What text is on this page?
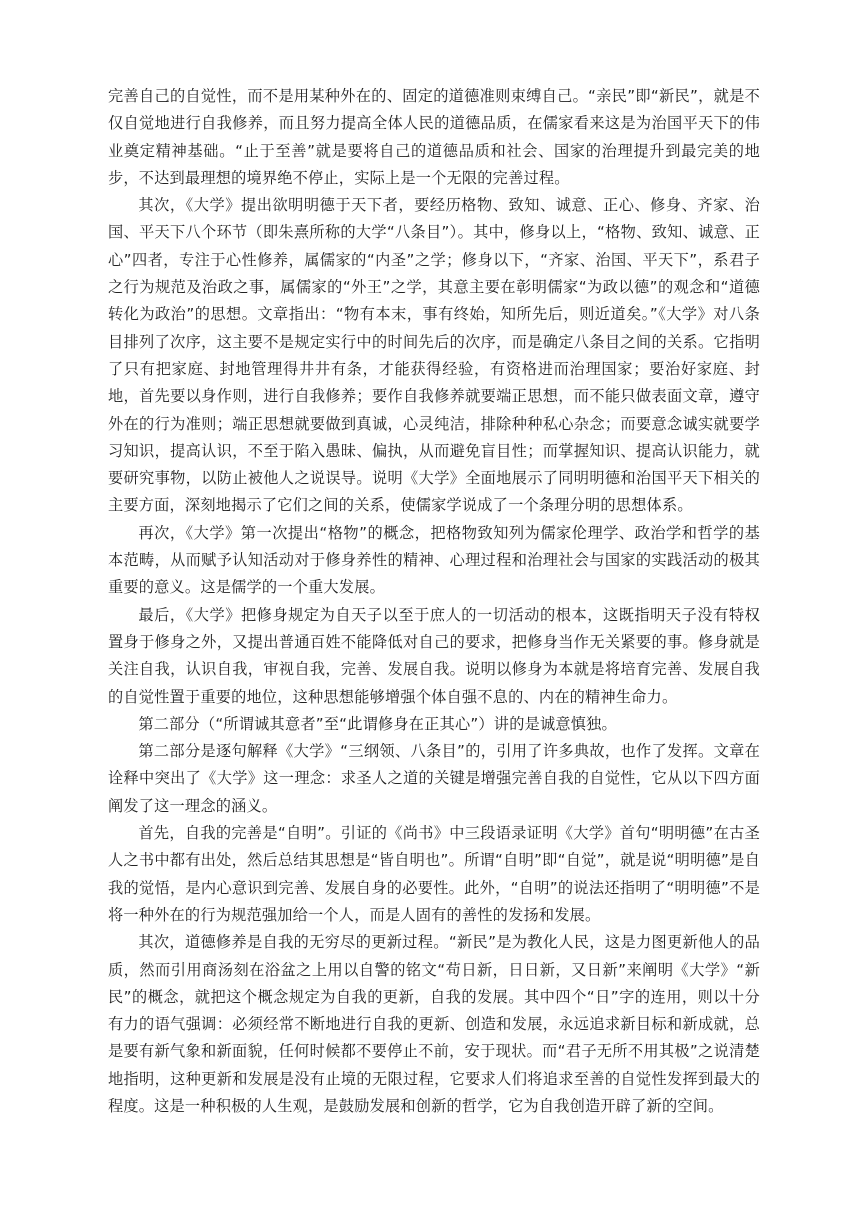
完善自己的自觉性，而不是用某种外在的、固定的道德准则束缚自己。“亲民”即“新民”，就是不仅自觉地进行自我修养，而且努力提高全体人民的道德品质，在儒家看来这是为治国平天下的伟业奠定精神基础。“止于至善”就是要将自己的道德品质和社会、国家的治理提升到最完美的地步，不达到最理想的境界绝不停止，实际上是一个无限的完善过程。

其次，《大学》提出欲明明德于天下者，要经历格物、致知、诚意、正心、修身、齐家、治国、平天下八个环节（即朱熹所称的大学“八条目”）。其中，修身以上，“格物、致知、诚意、正心”四者，专注于心性修养，属儒家的“内圣”之学；修身以下，“齐家、治国、平天下”，系君子之行为规范及治政之事，属儒家的“外王”之学，其意主要在彰明儒家“为政以德”的观念和“道德转化为政治”的思想。文章指出：“物有本末，事有终始，知所先后，则近道矣。”《大学》对八条目排列了次序，这主要不是规定实行中的时间先后的次序，而是确定八条目之间的关系。它指明了只有把家庭、封地管理得井井有条，才能获得经验，有资格进而治理国家；要治好家庭、封地，首先要以身作则，进行自我修养；要作自我修养就要端正思想，而不能只做表面文章，遵守外在的行为准则；端正思想就要做到真诚，心灵纯洁，排除种种私心杂念；而要意念诚实就要学习知识，提高认识，不至于陷入愚昧、偏执，从而避免盲目性；而掌握知识、提高认识能力，就要研究事物，以防止被他人之说误导。说明《大学》全面地展示了同明明德和治国平天下相关的主要方面，深刻地揭示了它们之间的关系，使儒家学说成了一个条理分明的思想体系。

再次，《大学》第一次提出“格物”的概念，把格物致知列为儒家伦理学、政治学和哲学的基本范畴，从而赋予认知活动对于修身养性的精神、心理过程和治理社会与国家的实践活动的极其重要的意义。这是儒学的一个重大发展。

最后，《大学》把修身规定为自天子以至于庶人的一切活动的根本，这既指明天子没有特权置身于修身之外，又提出普通百姓不能降低对自己的要求，把修身当作无关紧要的事。修身就是关注自我，认识自我，审视自我，完善、发展自我。说明以修身为本就是将培育完善、发展自我的自觉性置于重要的地位，这种思想能够增强个体自强不息的、内在的精神生命力。

第二部分（“所谓诚其意者”至“此谓修身在正其心”）讲的是诚意慎独。

第二部分是逐句解释《大学》“三纲领、八条目”的，引用了许多典故，也作了发挥。文章在诠释中突出了《大学》这一理念：求圣人之道的关键是增强完善自我的自觉性，它从以下四方面阐发了这一理念的涵义。

首先，自我的完善是“自明”。引证的《尚书》中三段语录证明《大学》首句“明明德”在古圣人之书中都有出处，然后总结其思想是“皆自明也”。所谓“自明”即“自觉”，就是说“明明德”是自我的觉悟，是内心意识到完善、发展自身的必要性。此外，“自明”的说法还指明了“明明德”不是将一种外在的行为规范强加给一个人，而是人固有的善性的发扬和发展。

其次，道德修养是自我的无穷尽的更新过程。“新民”是为教化人民，这是力图更新他人的品质，然而引用商汤刻在浴盆之上用以自警的铭文“苟日新，日日新，又日新”来阐明《大学》“新民”的概念，就把这个概念规定为自我的更新，自我的发展。其中四个“日”字的连用，则以十分有力的语气强调：必须经常不断地进行自我的更新、创造和发展，永远追求新目标和新成就，总是要有新气象和新面貌，任何时候都不要停止不前，安于现状。而“君子无所不用其极”之说清楚地指明，这种更新和发展是没有止境的无限过程，它要求人们将追求至善的自觉性发挥到最大的程度。这是一种积极的人生观，是鼓励发展和创新的哲学，它为自我创造开辟了新的空间。
